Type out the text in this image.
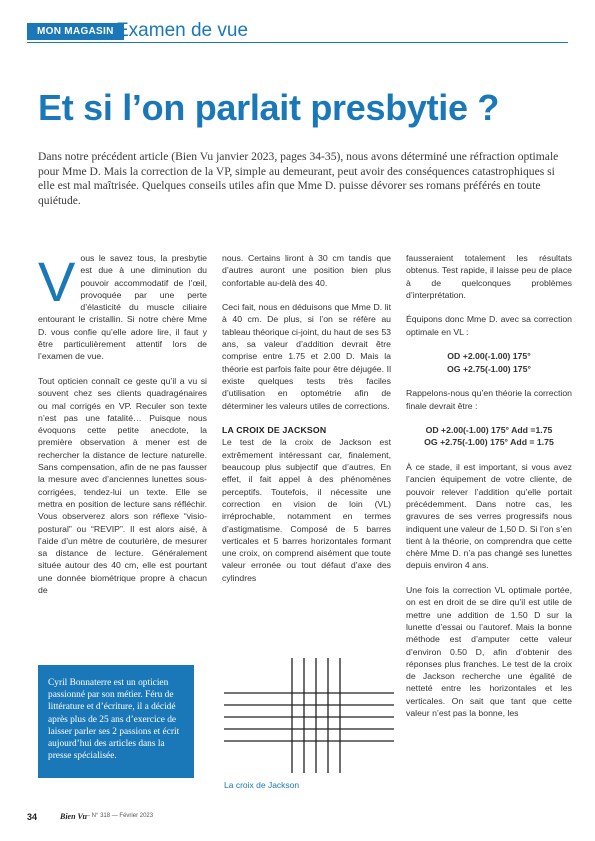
MON MAGASIN Examen de vue
Et si l’on parlait presbytie ?

Dans notre précédent article (Bien Vu janvier 2023, pages 34-35), nous avons déterminé une réfraction optimale pour Mme D. Mais la correction de la VP, simple au demeurant, peut avoir des conséquences catastrophiques si elle est mal maîtrisée. Quelques conseils utiles afin que Mme D. puisse dévorer ses romans préférés en toute quiétude.

Vous le savez tous, la presbytie est due à une diminution du pouvoir accommodatif de l’œil, provoquée par une perte d’élasticité du muscle ciliaire entourant le cristallin. Si notre chère Mme D. vous confie qu’elle adore lire, il faut y être particulièrement attentif lors de l’examen de vue.

Tout opticien connaît ce geste qu’il a vu si souvent chez ses clients quadragénaires ou mal corrigés en VP. Reculer son texte n’est pas une fatalité… Puisque nous évoquons cette petite anecdote, la première observation à mener est de rechercher la distance de lecture naturelle. Sans compensation, afin de ne pas fausser la mesure avec d’anciennes lunettes sous-corrigées, tendez-lui un texte. Elle se mettra en position de lecture sans réfléchir. Vous observerez alors son réflexe “visio-postural” ou “REVIP”. Il est alors aisé, à l’aide d’un mètre de couturière, de mesurer sa distance de lecture. Généralement située autour des 40 cm, elle est pourtant une donnée biométrique propre à chacun de

nous. Certains liront à 30 cm tandis que d’autres auront une position bien plus confortable au-delà des 40.

Ceci fait, nous en déduisons que Mme D. lit à 40 cm. De plus, si l’on se réfère au tableau théorique ci-joint, du haut de ses 53 ans, sa valeur d’addition devrait être comprise entre 1.75 et 2.00 D. Mais la théorie est parfois faite pour être déjugée. Il existe quelques tests très faciles d’utilisation en optométrie afin de déterminer les valeurs utiles de corrections.

LA CROIX DE JACKSON

Le test de la croix de Jackson est extrêmement intéressant car, finalement, beaucoup plus subjectif que d’autres. En effet, il fait appel à des phénomènes perceptifs. Toutefois, il nécessite une correction en vision de loin (VL) irréprochable, notamment en termes d’astigmatisme. Composé de 5 barres verticales et 5 barres horizontales formant une croix, on comprend aisément que toute valeur erronée ou tout défaut d’axe des cylindres

fausseraient totalement les résultats obtenus. Test rapide, il laisse peu de place à de quelconques problèmes d’interprétation.

Équipons donc Mme D. avec sa correction optimale en VL :

OD +2.00(-1.00) 175°

OG +2.75(-1.00) 175°

Rappelons-nous qu’en théorie la correction finale devrait être :

OD +2.00(-1.00) 175° Add =1.75

OG +2.75(-1.00) 175° Add = 1.75

À ce stade, il est important, si vous avez l’ancien équipement de votre cliente, de pouvoir relever l’addition qu’elle portait précédemment. Dans notre cas, les gravures de ses verres progressifs nous indiquent une valeur de 1,50 D. Si l’on s’en tient à la théorie, on comprendra que cette chère Mme D. n’a pas changé ses lunettes depuis environ 4 ans.

Une fois la correction VL optimale portée, on est en droit de se dire qu’il est utile de mettre une addition de 1.50 D sur la lunette d’essai ou l’autoref. Mais la bonne méthode est d’amputer cette valeur d’environ 0.50 D, afin d’obtenir des réponses plus franches. Le test de la croix de Jackson recherche une égalité de netteté entre les horizontales et les verticales. On sait que tant que cette valeur n’est pas la bonne, les

Cyril Bonnaterre est un opticien passionné par son métier. Féru de littérature et d’écriture, il a décidé après plus de 25 ans d’exercice de laisser parler ses 2 passions et écrit aujourd’hui des articles dans la presse spécialisée.
La croix de Jackson
34	Bien Vu
— N° 318 — Février 2023
